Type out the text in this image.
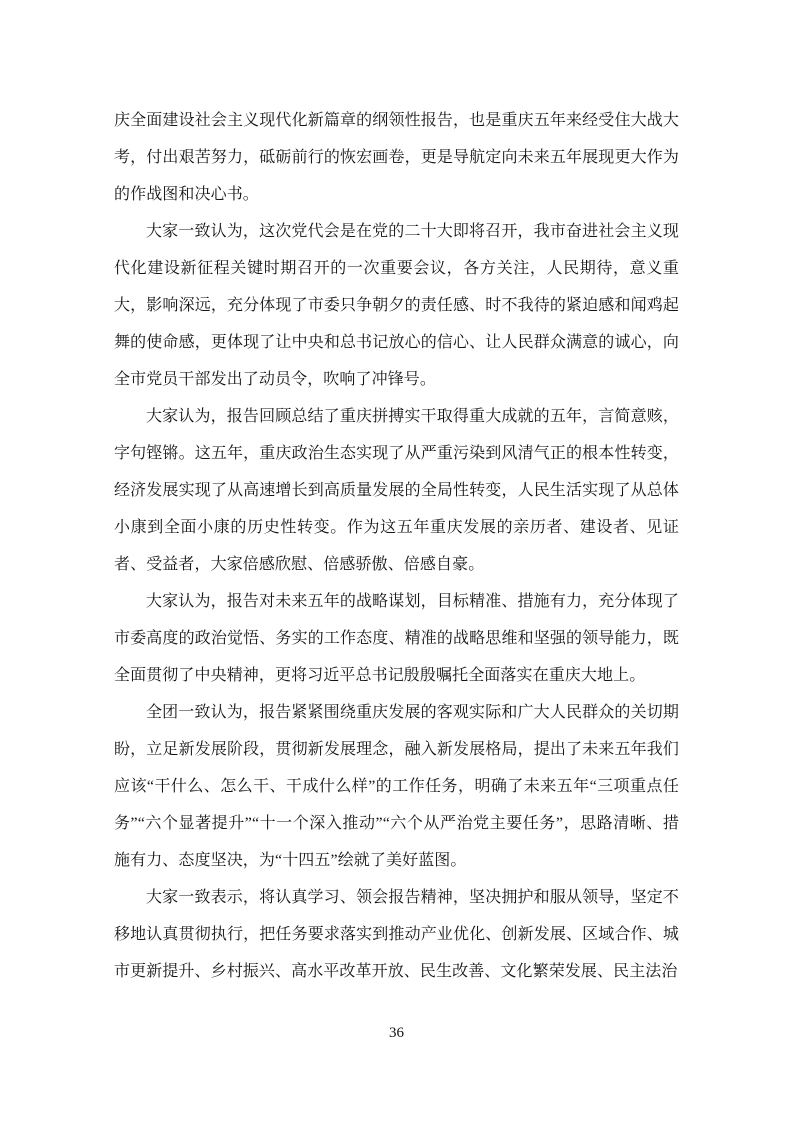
庆全面建设社会主义现代化新篇章的纲领性报告，也是重庆五年来经受住大战大考，付出艰苦努力，砥砺前行的恢宏画卷，更是导航定向未来五年展现更大作为的作战图和决心书。

大家一致认为，这次党代会是在党的二十大即将召开，我市奋进社会主义现代化建设新征程关键时期召开的一次重要会议，各方关注，人民期待，意义重大，影响深远，充分体现了市委只争朝夕的责任感、时不我待的紧迫感和闻鸡起舞的使命感，更体现了让中央和总书记放心的信心、让人民群众满意的诚心，向全市党员干部发出了动员令，吹响了冲锋号。

大家认为，报告回顾总结了重庆拼搏实干取得重大成就的五年，言简意赅，字句铿锵。这五年，重庆政治生态实现了从严重污染到风清气正的根本性转变，经济发展实现了从高速增长到高质量发展的全局性转变，人民生活实现了从总体小康到全面小康的历史性转变。作为这五年重庆发展的亲历者、建设者、见证者、受益者，大家倍感欣慰、倍感骄傲、倍感自豪。

大家认为，报告对未来五年的战略谋划，目标精准、措施有力，充分体现了市委高度的政治觉悟、务实的工作态度、精准的战略思维和坚强的领导能力，既全面贯彻了中央精神，更将习近平总书记殷殷嘱托全面落实在重庆大地上。

全团一致认为，报告紧紧围绕重庆发展的客观实际和广大人民群众的关切期盼，立足新发展阶段，贯彻新发展理念，融入新发展格局，提出了未来五年我们应该“干什么、怎么干、干成什么样”的工作任务，明确了未来五年“三项重点任务”“六个显著提升”“十一个深入推动”“六个从严治党主要任务”，思路清晰、措施有力、态度坚决，为“十四五”绘就了美好蓝图。

大家一致表示，将认真学习、领会报告精神，坚决拥护和服从领导，坚定不移地认真贯彻执行，把任务要求落实到推动产业优化、创新发展、区域合作、城市更新提升、乡村振兴、高水平改革开放、民生改善、文化繁荣发展、民主法治

36
